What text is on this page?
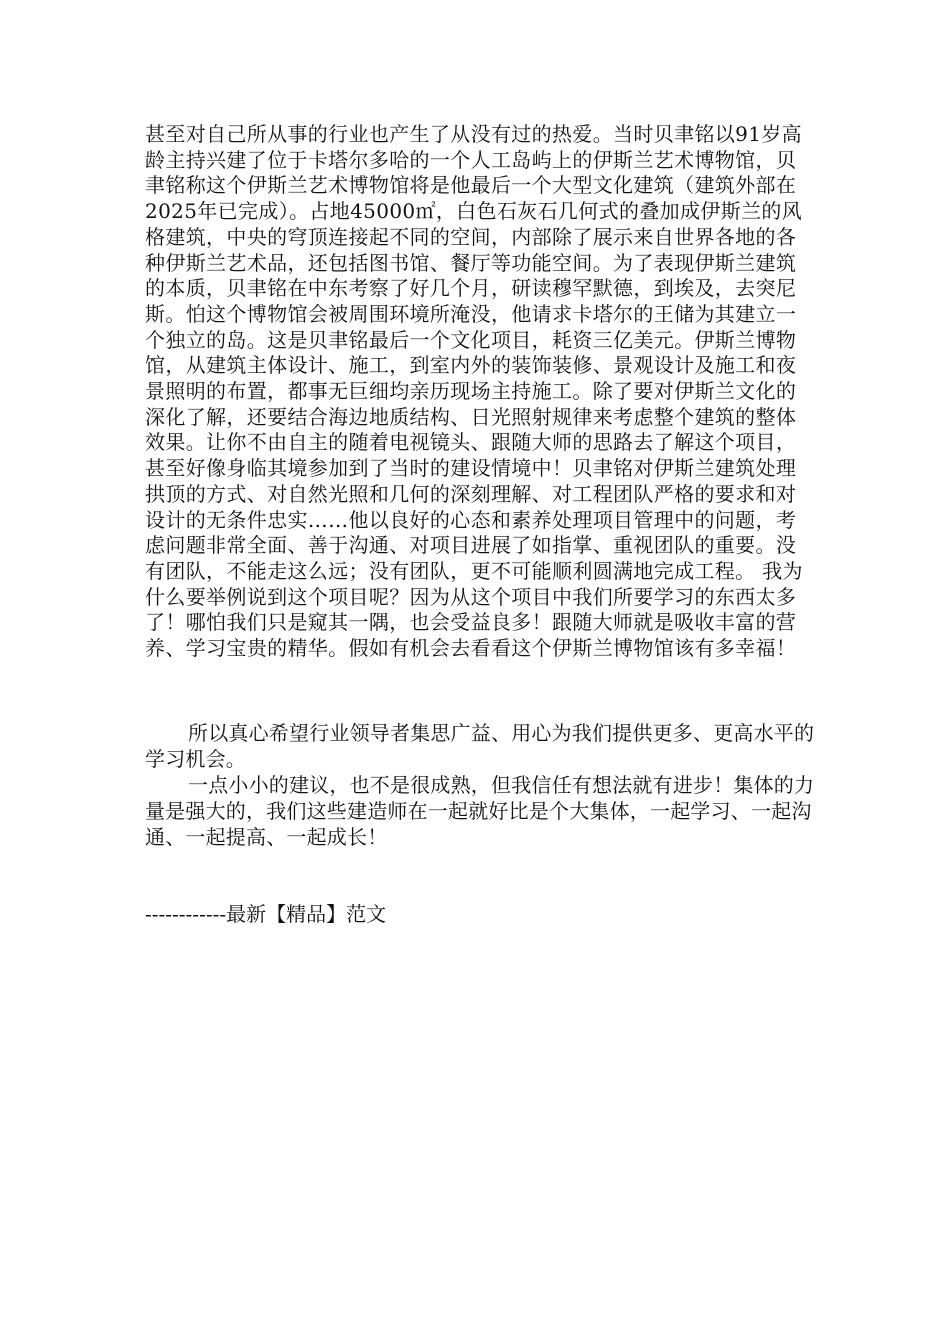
甚至对自己所从事的行业也产生了从没有过的热爱。当时贝聿铭以91岁高龄主持兴建了位于卡塔尔多哈的一个人工岛屿上的伊斯兰艺术博物馆，贝聿铭称这个伊斯兰艺术博物馆将是他最后一个大型文化建筑（建筑外部在2025年已完成）。占地45000㎡，白色石灰石几何式的叠加成伊斯兰的风格建筑，中央的穹顶连接起不同的空间，内部除了展示来自世界各地的各种伊斯兰艺术品，还包括图书馆、餐厅等功能空间。为了表现伊斯兰建筑的本质，贝聿铭在中东考察了好几个月，研读穆罕默德，到埃及，去突尼斯。怕这个博物馆会被周围环境所淹没，他请求卡塔尔的王储为其建立一个独立的岛。这是贝聿铭最后一个文化项目，耗资三亿美元。伊斯兰博物馆，从建筑主体设计、施工，到室内外的装饰装修、景观设计及施工和夜景照明的布置，都事无巨细均亲历现场主持施工。除了要对伊斯兰文化的深化了解，还要结合海边地质结构、日光照射规律来考虑整个建筑的整体效果。让你不由自主的随着电视镜头、跟随大师的思路去了解这个项目，甚至好像身临其境参加到了当时的建设情境中！贝聿铭对伊斯兰建筑处理拱顶的方式、对自然光照和几何的深刻理解、对工程团队严格的要求和对设计的无条件忠实……他以良好的心态和素养处理项目管理中的问题，考虑问题非常全面、善于沟通、对项目进展了如指掌、重视团队的重要。没有团队，不能走这么远；没有团队，更不可能顺利圆满地完成工程。 我为什么要举例说到这个项目呢？因为从这个项目中我们所要学习的东西太多了！哪怕我们只是窥其一隅，也会受益良多！跟随大师就是吸收丰富的营养、学习宝贵的精华。假如有机会去看看这个伊斯兰博物馆该有多幸福！

所以真心希望行业领导者集思广益、用心为我们提供更多、更高水平的学习机会。

一点小小的建议，也不是很成熟，但我信任有想法就有进步！集体的力量是强大的，我们这些建造师在一起就好比是个大集体，一起学习、一起沟通、一起提高、一起成长！

------------最新【精品】范文
